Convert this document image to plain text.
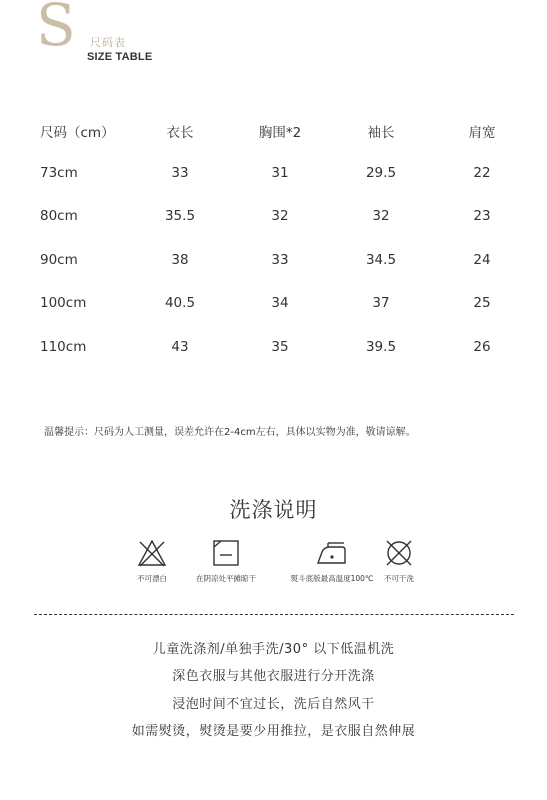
S 尺码表
SIZE TABLE
尺码（cm）	衣长	胸围*2	袖长	肩宽
73cm	33	31	29.5	22
80cm	35.5	32	32	23
90cm	38	33	34.5	24
100cm	40.5	34	37	25
110cm	43	35	39.5	26
温馨提示：尺码为人工测量，误差允许在2-4cm左右，具体以实物为准，敬请谅解。
洗涤说明
不可漂白	在阴凉处平摊晾干	熨斗底版最高温度100℃	不可干洗
儿童洗涤剂/单独手洗/30° 以下低温机洗
深色衣服与其他衣服进行分开洗涤
浸泡时间不宜过长，洗后自然风干
如需熨烫，熨烫是要少用推拉，是衣服自然伸展
